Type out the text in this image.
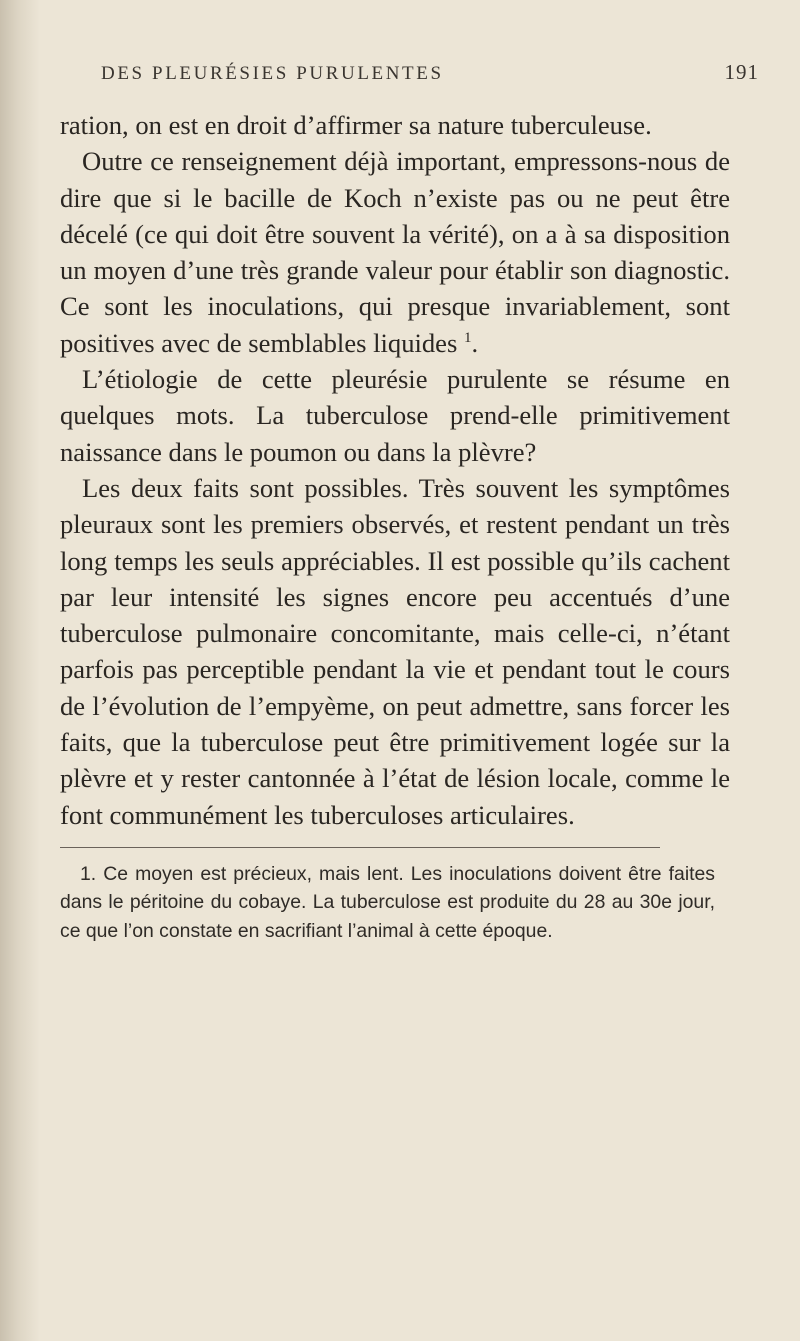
DES PLEURÉSIES PURULENTES	191

ration, on est en droit d’affirmer sa nature tuberculeuse.

Outre ce renseignement déjà important, empressons-nous de dire que si le bacille de Koch n’existe pas ou ne peut être décelé (ce qui doit être souvent la vérité), on a à sa disposition un moyen d’une très grande valeur pour établir son diagnostic. Ce sont les inoculations, qui presque invariablement, sont positives avec de semblables liquides $^1$.

L’étiologie de cette pleurésie purulente se résume en quelques mots. La tuberculose prend-elle primitivement naissance dans le poumon ou dans la plèvre?

Les deux faits sont possibles. Très souvent les symptômes pleuraux sont les premiers observés, et restent pendant un très long temps les seuls appréciables. Il est possible qu’ils cachent par leur intensité les signes encore peu accentués d’une tuberculose pulmonaire concomitante, mais celle-ci, n’étant parfois pas perceptible pendant la vie et pendant tout le cours de l’évolution de l’empyème, on peut admettre, sans forcer les faits, que la tuberculose peut être primitivement logée sur la plèvre et y rester cantonnée à l’état de lésion locale, comme le font communément les tuberculoses articulaires.

1. Ce moyen est précieux, mais lent. Les inoculations doivent être faites dans le péritoine du cobaye. La tuberculose est produite du 28 au 30e jour, ce que l’on constate en sacrifiant l’animal à cette époque.
